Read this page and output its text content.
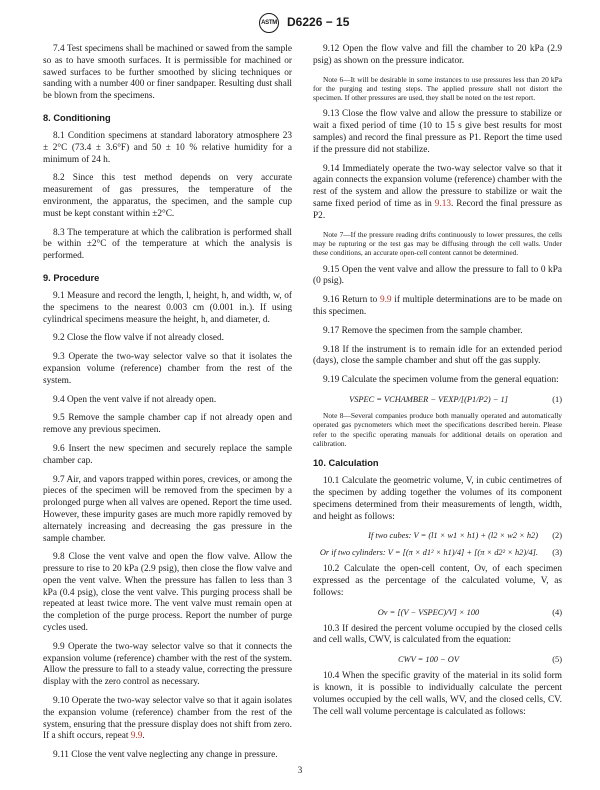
ASTM D6226 − 15

7.4 Test specimens shall be machined or sawed from the sample so as to have smooth surfaces. It is permissible for machined or sawed surfaces to be further smoothed by slicing techniques or sanding with a number 400 or finer sandpaper. Resulting dust shall be blown from the specimens.

8. Conditioning

8.1 Condition specimens at standard laboratory atmosphere 23 ± 2°C (73.4 ± 3.6°F) and 50 ± 10 % relative humidity for a minimum of 24 h.

8.2 Since this test method depends on very accurate measurement of gas pressures, the temperature of the environment, the apparatus, the specimen, and the sample cup must be kept constant within ±2°C.

8.3 The temperature at which the calibration is performed shall be within ±2°C of the temperature at which the analysis is performed.

9. Procedure

9.1 Measure and record the length, l, height, h, and width, w, of the specimens to the nearest 0.003 cm (0.001 in.). If using cylindrical specimens measure the height, h, and diameter, d.

9.2 Close the flow valve if not already closed.

9.3 Operate the two-way selector valve so that it isolates the expansion volume (reference) chamber from the rest of the system.

9.4 Open the vent valve if not already open.

9.5 Remove the sample chamber cap if not already open and remove any previous specimen.

9.6 Insert the new specimen and securely replace the sample chamber cap.

9.7 Air, and vapors trapped within pores, crevices, or among the pieces of the specimen will be removed from the specimen by a prolonged purge when all valves are opened. Report the time used. However, these impurity gases are much more rapidly removed by alternately increasing and decreasing the gas pressure in the sample chamber.

9.8 Close the vent valve and open the flow valve. Allow the pressure to rise to 20 kPa (2.9 psig), then close the flow valve and open the vent valve. When the pressure has fallen to less than 3 kPa (0.4 psig), close the vent valve. This purging process shall be repeated at least twice more. The vent valve must remain open at the completion of the purge process. Report the number of purge cycles used.

9.9 Operate the two-way selector valve so that it connects the expansion volume (reference) chamber with the rest of the system. Allow the pressure to fall to a steady value, correcting the pressure display with the zero control as necessary.

9.10 Operate the two-way selector valve so that it again isolates the expansion volume (reference) chamber from the rest of the system, ensuring that the pressure display does not shift from zero. If a shift occurs, repeat 9.9.

9.11 Close the vent valve neglecting any change in pressure.

9.12 Open the flow valve and fill the chamber to 20 kPa (2.9 psig) as shown on the pressure indicator.

Note 6—It will be desirable in some instances to use pressures less than 20 kPa for the purging and testing steps. The applied pressure shall not distort the specimen. If other pressures are used, they shall be noted on the test report.

9.13 Close the flow valve and allow the pressure to stabilize or wait a fixed period of time (10 to 15 s give best results for most samples) and record the final pressure as P1. Report the time used if the pressure did not stabilize.

9.14 Immediately operate the two-way selector valve so that it again connects the expansion volume (reference) chamber with the rest of the system and allow the pressure to stabilize or wait the same fixed period of time as in 9.13. Record the final pressure as P2.

Note 7—If the pressure reading drifts continuously to lower pressures, the cells may be rupturing or the test gas may be diffusing through the cell walls. Under these conditions, an accurate open-cell content cannot be determined.

9.15 Open the vent valve and allow the pressure to fall to 0 kPa (0 psig).

9.16 Return to 9.9 if multiple determinations are to be made on this specimen.

9.17 Remove the specimen from the sample chamber.

9.18 If the instrument is to remain idle for an extended period (days), close the sample chamber and shut off the gas supply.

9.19 Calculate the specimen volume from the general equation:

VSPEC = VCHAMBER − VEXP/[(P1/P2) − 1]	(1)

Note 8—Several companies produce both manually operated and automatically operated gas pycnometers which meet the specifications described herein. Please refer to the specific operating manuals for additional details on operation and calibration.

10. Calculation

10.1 Calculate the geometric volume, V, in cubic centimetres of the specimen by adding together the volumes of its component specimens determined from their measurements of length, width, and height as follows:

If two cubes: V = (l1 × w1 × h1) + (l2 × w2 × h2)	(2)
Or if two cylinders: V = [(π × d1² × h1)/4] + [(π × d2² × h2)/4].	(3)

10.2 Calculate the open-cell content, Ov, of each specimen expressed as the percentage of the calculated volume, V, as follows:

Ov = [(V − VSPEC)/V] × 100	(4)

10.3 If desired the percent volume occupied by the closed cells and cell walls, CWV, is calculated from the equation:

CWV = 100 − OV	(5)

10.4 When the specific gravity of the material in its solid form is known, it is possible to individually calculate the percent volumes occupied by the cell walls, WV, and the closed cells, CV. The cell wall volume percentage is calculated as follows:

3
